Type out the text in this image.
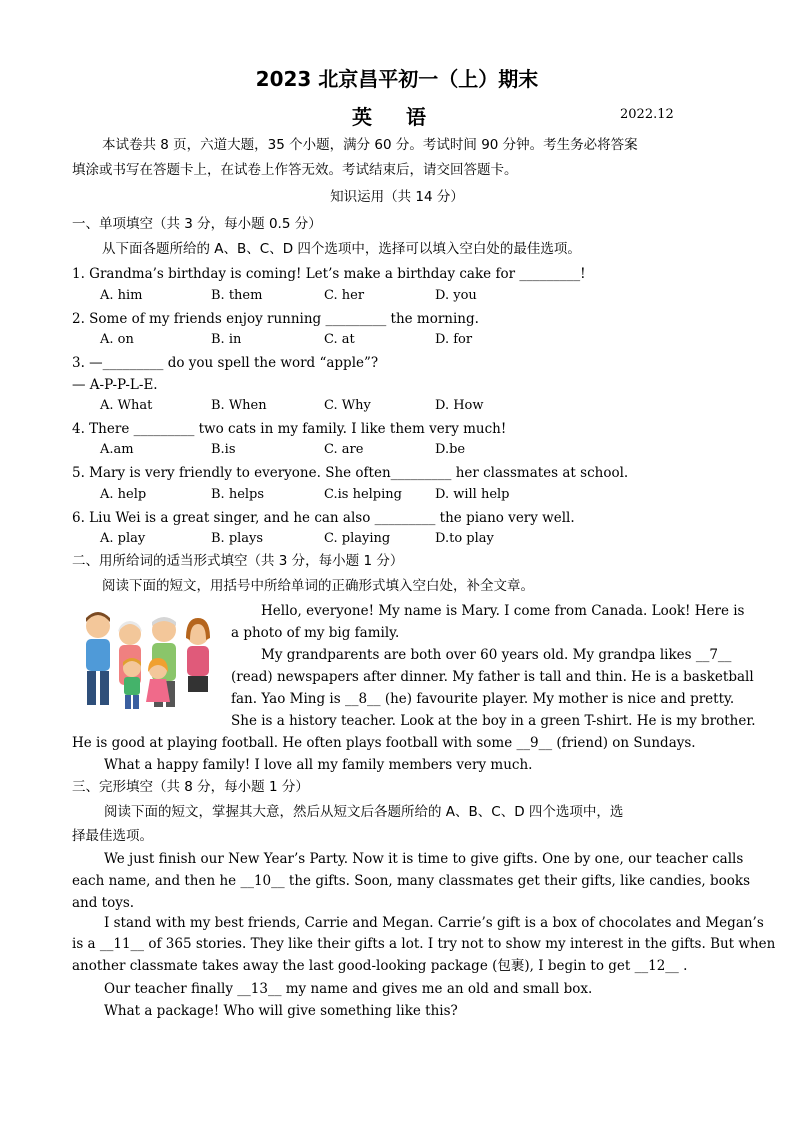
2023 北京昌平初一（上）期末
英语	2022.12
本试卷共 8 页，六道大题，35 个小题，满分 60 分。考试时间 90 分钟。考生务必将答案
填涂或书写在答题卡上，在试卷上作答无效。考试结束后，请交回答题卡。
知识运用（共 14 分）
一、单项填空（共 3 分，每小题 0.5 分）
从下面各题所给的 A、B、C、D 四个选项中，选择可以填入空白处的最佳选项。
1. Grandma’s birthday is coming! Let’s make a birthday cake for _________!
A. him	B. them	C. her	D. you
2. Some of my friends enjoy running _________ the morning.
A. on	B. in	C. at	D. for
3. —_________ do you spell the word “apple”?
— A-P-P-L-E.
A. What	B. When	C. Why	D. How
4. There _________ two cats in my family. I like them very much!
A.am	B.is	C. are	D.be
5. Mary is very friendly to everyone. She often_________ her classmates at school.
A. help	B. helps	C.is helping	D. will help
6. Liu Wei is a great singer, and he can also _________ the piano very well.
A. play	B. plays	C. playing	D.to play
二、用所给词的适当形式填空（共 3 分，每小题 1 分）
阅读下面的短文，用括号中所给单词的正确形式填入空白处，补全文章。
Hello, everyone! My name is Mary. I come from Canada. Look! Here is
a photo of my big family.
My grandparents are both over 60 years old. My grandpa likes __7__
(read) newspapers after dinner. My father is tall and thin. He is a basketball
fan. Yao Ming is __8__ (he) favourite player. My mother is nice and pretty.
She is a history teacher. Look at the boy in a green T-shirt. He is my brother.
He is good at playing football. He often plays football with some __9__ (friend) on Sundays.
What a happy family! I love all my family members very much.
三、完形填空（共 8 分，每小题 1 分）
阅读下面的短文，掌握其大意，然后从短文后各题所给的 A、B、C、D 四个选项中，选
择最佳选项。
We just finish our New Year’s Party. Now it is time to give gifts. One by one, our teacher calls
each name, and then he __10__ the gifts. Soon, many classmates get their gifts, like candies, books
and toys.
I stand with my best friends, Carrie and Megan. Carrie’s gift is a box of chocolates and Megan’s
is a __11__ of 365 stories. They like their gifts a lot. I try not to show my interest in the gifts. But when
another classmate takes away the last good-looking package (包裹), I begin to get __12__ .
Our teacher finally __13__ my name and gives me an old and small box.
What a package! Who will give something like this?
